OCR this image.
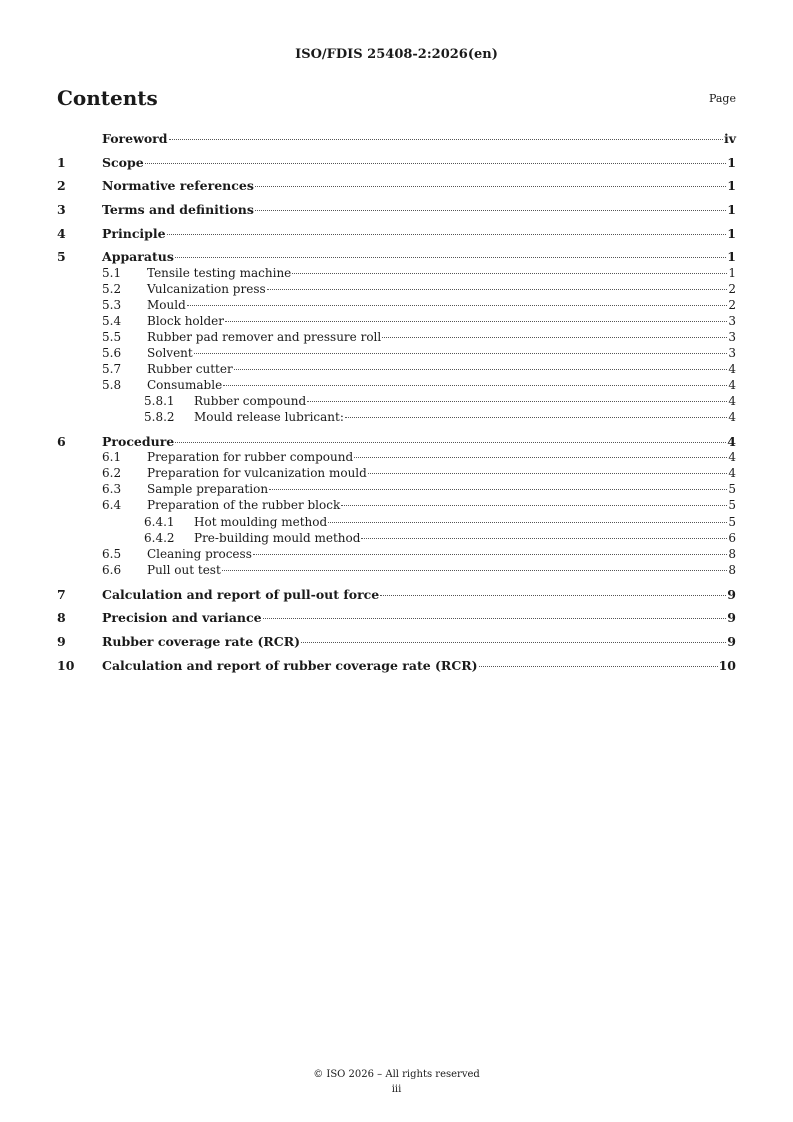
ISO/FDIS 25408-2:2026(en)
Contents	Page
Foreword	iv
1	Scope	1
2	Normative references	1
3	Terms and definitions	1
4	Principle	1
5	Apparatus	1
5.1	Tensile testing machine	1
5.2	Vulcanization press	2
5.3	Mould	2
5.4	Block holder	3
5.5	Rubber pad remover and pressure roll	3
5.6	Solvent	3
5.7	Rubber cutter	4
5.8	Consumable	4
5.8.1	Rubber compound	4
5.8.2	Mould release lubricant:	4
6	Procedure	4
6.1	Preparation for rubber compound	4
6.2	Preparation for vulcanization mould	4
6.3	Sample preparation	5
6.4	Preparation of the rubber block	5
6.4.1	Hot moulding method	5
6.4.2	Pre-building mould method	6
6.5	Cleaning process	8
6.6	Pull out test	8
7	Calculation and report of pull-out force	9
8	Precision and variance	9
9	Rubber coverage rate (RCR)	9
10	Calculation and report of rubber coverage rate (RCR)	10
© ISO 2026 – All rights reserved
iii
